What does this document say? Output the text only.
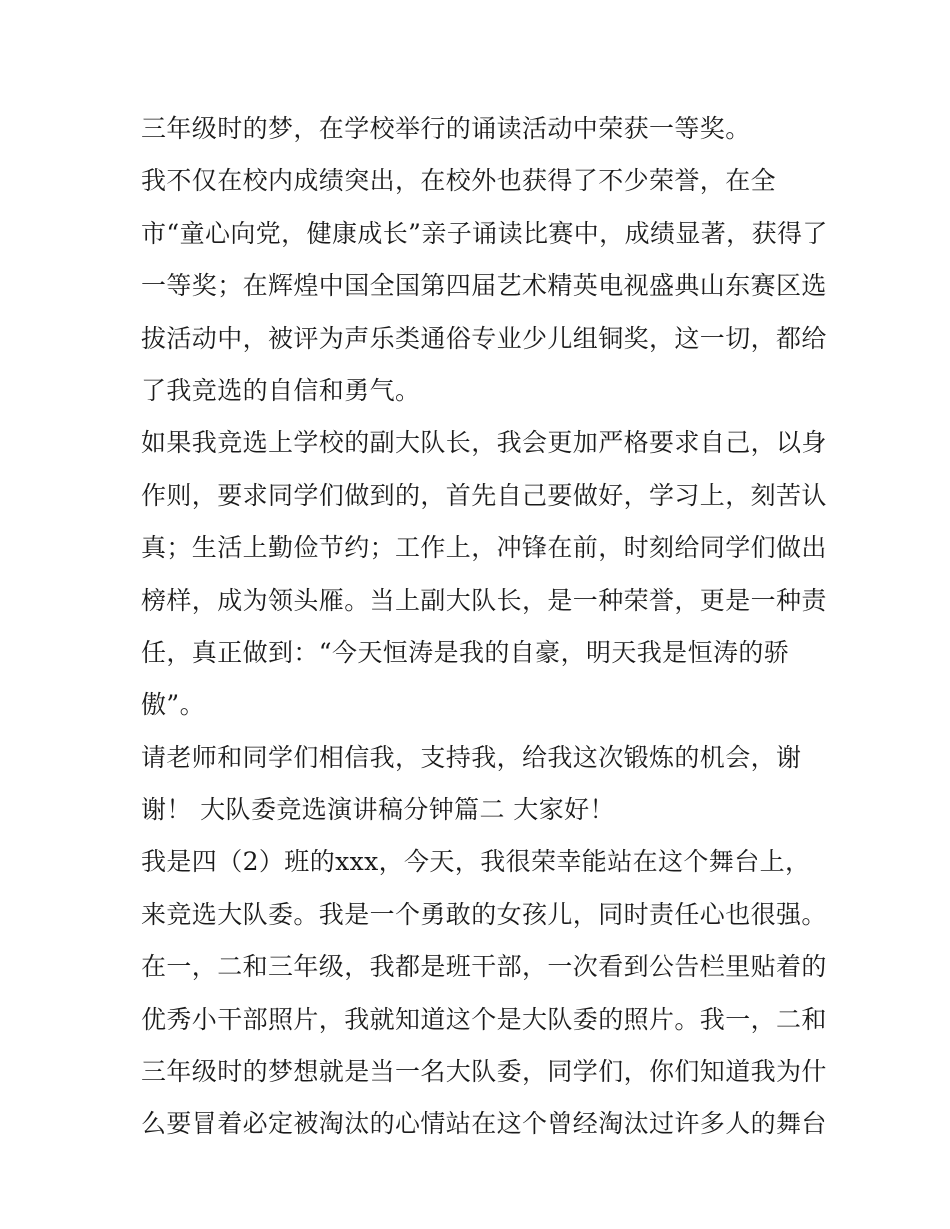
三年级时的梦，在学校举行的诵读活动中荣获一等奖。
我不仅在校内成绩突出，在校外也获得了不少荣誉，在全
市“童心向党，健康成长”亲子诵读比赛中，成绩显著，获得了
一等奖；在辉煌中国全国第四届艺术精英电视盛典山东赛区选
拔活动中，被评为声乐类通俗专业少儿组铜奖，这一切，都给
了我竞选的自信和勇气。
如果我竞选上学校的副大队长，我会更加严格要求自己，以身
作则，要求同学们做到的，首先自己要做好，学习上，刻苦认
真；生活上勤俭节约；工作上，冲锋在前，时刻给同学们做出
榜样，成为领头雁。当上副大队长，是一种荣誉，更是一种责
任，真正做到：“今天恒涛是我的自豪，明天我是恒涛的骄
傲”。
请老师和同学们相信我，支持我，给我这次锻炼的机会，谢
谢！ 大队委竞选演讲稿分钟篇二 大家好！
我是四（2）班的xxx，今天，我很荣幸能站在这个舞台上，
来竞选大队委。我是一个勇敢的女孩儿，同时责任心也很强。
在一，二和三年级，我都是班干部，一次看到公告栏里贴着的
优秀小干部照片，我就知道这个是大队委的照片。我一，二和
三年级时的梦想就是当一名大队委，同学们，你们知道我为什
么要冒着必定被淘汰的心情站在这个曾经淘汰过许多人的舞台
